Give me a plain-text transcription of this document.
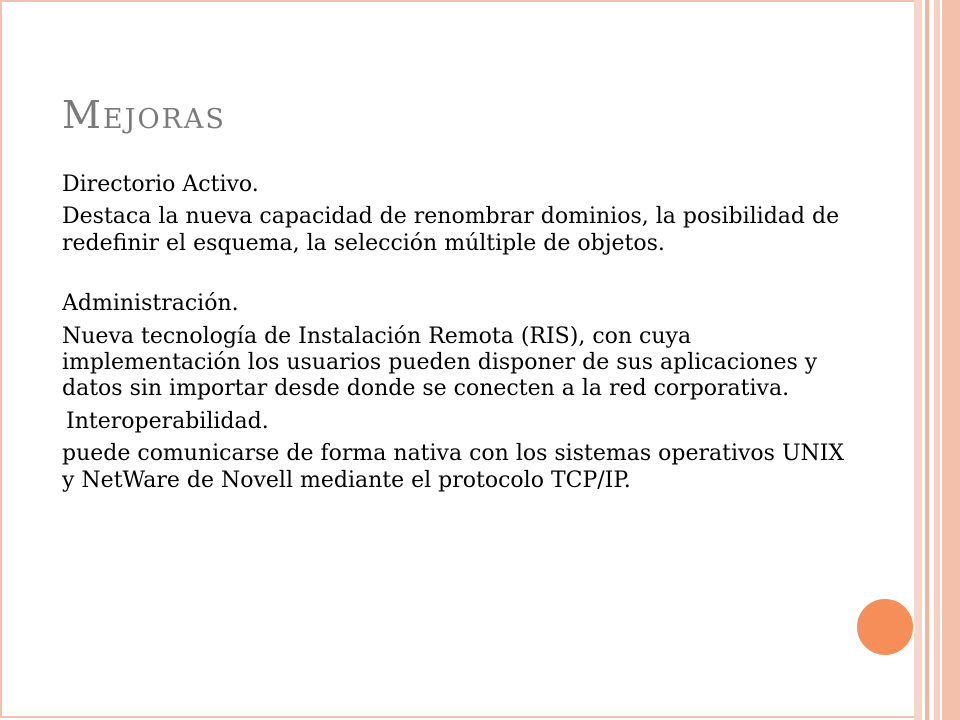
Mejoras

Directorio Activo.

Destaca la nueva capacidad de renombrar dominios, la posibilidad de redefinir el esquema, la selección múltiple de objetos.

Administración.

Nueva tecnología de Instalación Remota (RIS), con cuya implementación los usuarios pueden disponer de sus aplicaciones y datos sin importar desde donde se conecten a la red corporativa.

Interoperabilidad.

puede comunicarse de forma nativa con los sistemas operativos UNIX y NetWare de Novell mediante el protocolo TCP/IP.
